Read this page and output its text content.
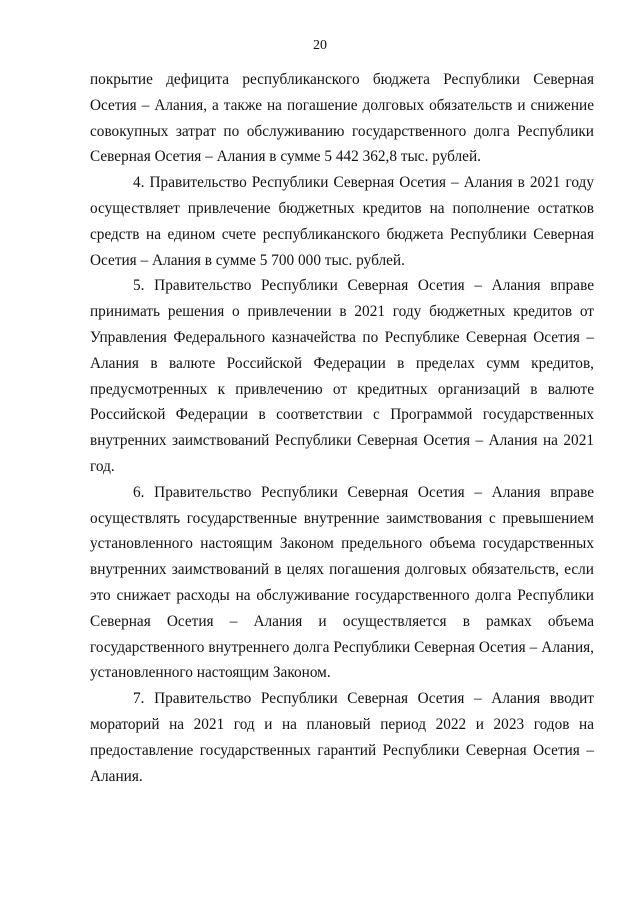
20

покрытие дефицита республиканского бюджета Республики Северная Осетия – Алания, а также на погашение долговых обязательств и снижение совокупных затрат по обслуживанию государственного долга Республики Северная Осетия – Алания в сумме 5 442 362,8 тыс. рублей.

4. Правительство Республики Северная Осетия – Алания в 2021 году осуществляет привлечение бюджетных кредитов на пополнение остатков средств на едином счете республиканского бюджета Республики Северная Осетия – Алания в сумме 5 700 000 тыс. рублей.

5. Правительство Республики Северная Осетия – Алания вправе принимать решения о привлечении в 2021 году бюджетных кредитов от Управления Федерального казначейства по Республике Северная Осетия – Алания в валюте Российской Федерации в пределах сумм кредитов, предусмотренных к привлечению от кредитных организаций в валюте Российской Федерации в соответствии с Программой государственных внутренних заимствований Республики Северная Осетия – Алания на 2021 год.

6. Правительство Республики Северная Осетия – Алания вправе осуществлять государственные внутренние заимствования с превышением установленного настоящим Законом предельного объема государственных внутренних заимствований в целях погашения долговых обязательств, если это снижает расходы на обслуживание государственного долга Республики Северная Осетия – Алания и осуществляется в рамках объема государственного внутреннего долга Республики Северная Осетия – Алания, установленного настоящим Законом.

7. Правительство Республики Северная Осетия – Алания вводит мораторий на 2021 год и на плановый период 2022 и 2023 годов на предоставление государственных гарантий Республики Северная Осетия – Алания.
